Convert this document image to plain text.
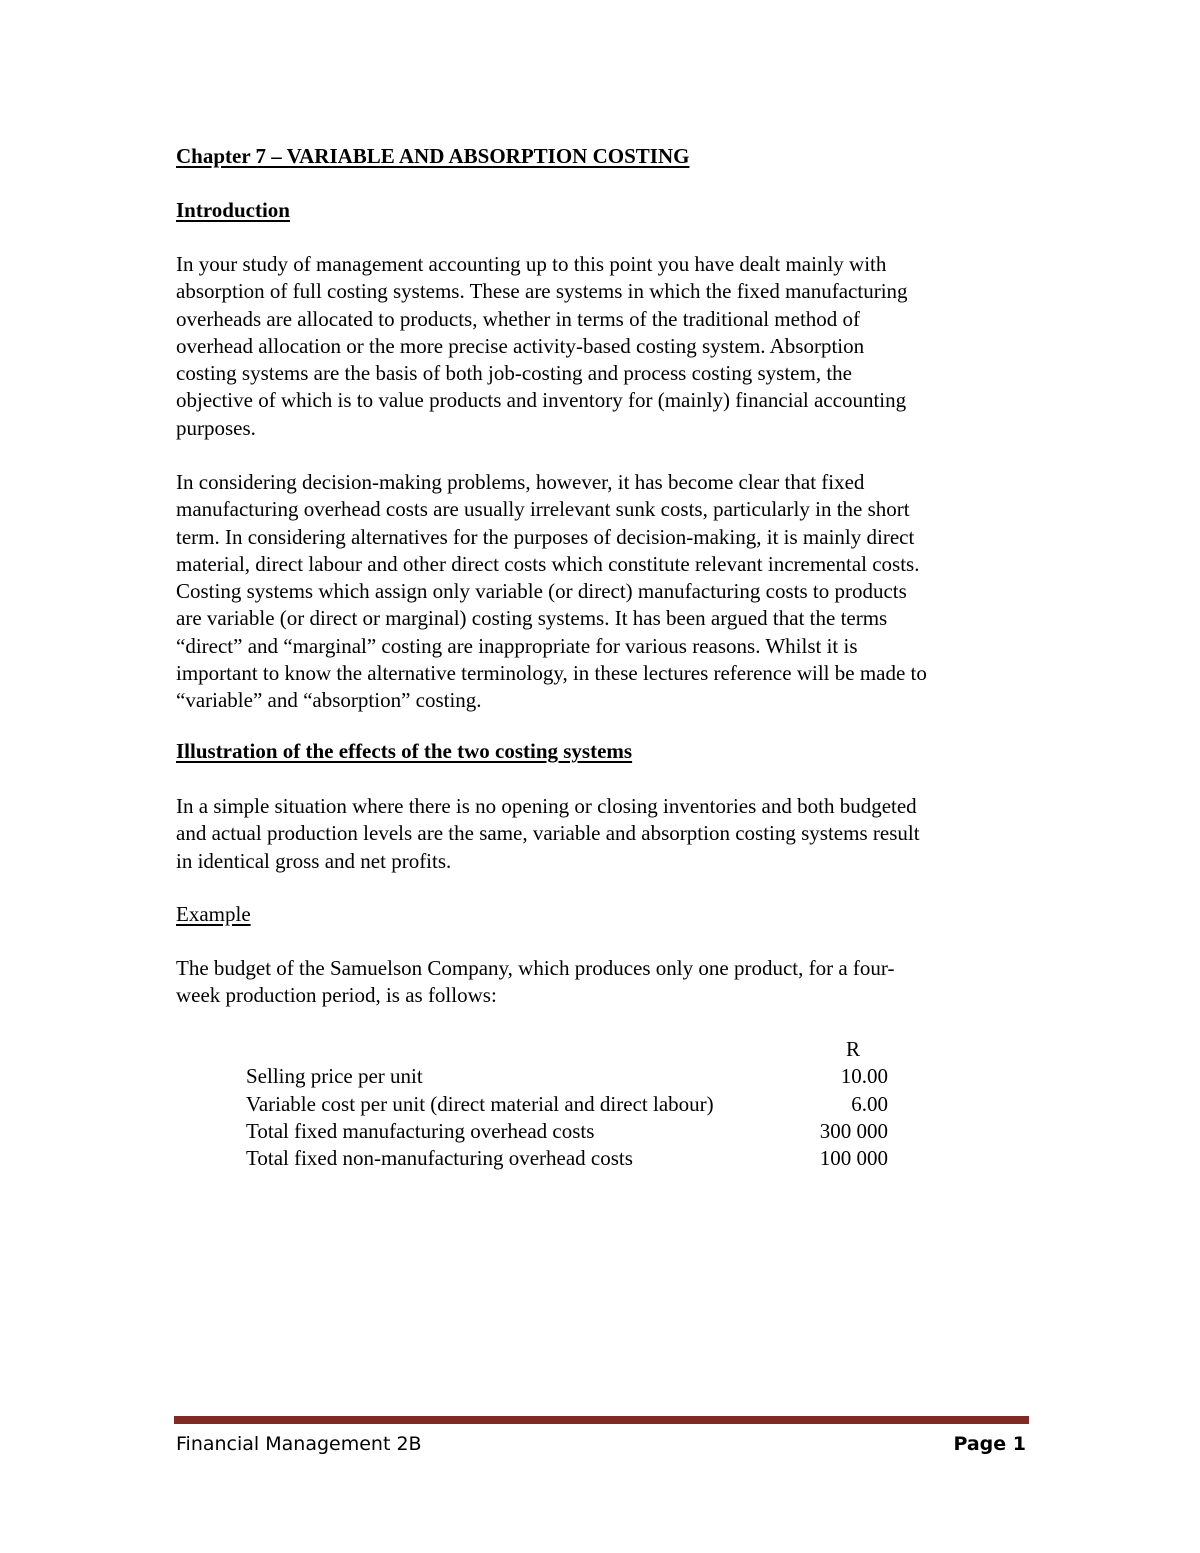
Chapter 7 – VARIABLE AND ABSORPTION COSTING
Introduction
In your study of management accounting up to this point you have dealt mainly with
absorption of full costing systems. These are systems in which the fixed manufacturing
overheads are allocated to products, whether in terms of the traditional method of
overhead allocation or the more precise activity-based costing system. Absorption
costing systems are the basis of both job-costing and process costing system, the
objective of which is to value products and inventory for (mainly) financial accounting
purposes.
In considering decision-making problems, however, it has become clear that fixed
manufacturing overhead costs are usually irrelevant sunk costs, particularly in the short
term. In considering alternatives for the purposes of decision-making, it is mainly direct
material, direct labour and other direct costs which constitute relevant incremental costs.
Costing systems which assign only variable (or direct) manufacturing costs to products
are variable (or direct or marginal) costing systems. It has been argued that the terms
“direct” and “marginal” costing are inappropriate for various reasons. Whilst it is
important to know the alternative terminology, in these lectures reference will be made to
“variable” and “absorption” costing.
Illustration of the effects of the two costing systems
In a simple situation where there is no opening or closing inventories and both budgeted
and actual production levels are the same, variable and absorption costing systems result
in identical gross and net profits.
Example
The budget of the Samuelson Company, which produces only one product, for a four-
week production period, is as follows:
	R
Selling price per unit	10.00
Variable cost per unit (direct material and direct labour)	6.00
Total fixed manufacturing overhead costs	300 000
Total fixed non-manufacturing overhead costs	100 000
Financial Management 2B	Page 1
